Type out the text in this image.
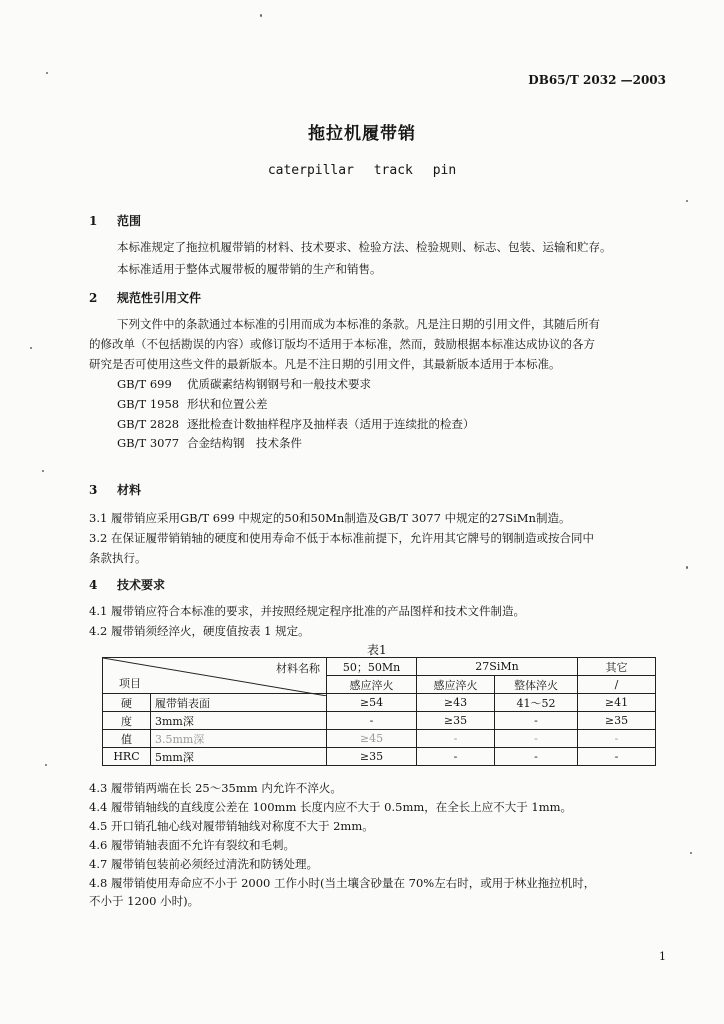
DB65/T 2032 —2003
拖拉机履带销
caterpillar track pin
1 范围
本标准规定了拖拉机履带销的材料、技术要求、检验方法、检验规则、标志、包装、运输和贮存。
本标准适用于整体式履带板的履带销的生产和销售。
2 规范性引用文件
下列文件中的条款通过本标准的引用而成为本标准的条款。凡是注日期的引用文件，其随后所有
的修改单（不包括勘误的内容）或修订版均不适用于本标准，然而，鼓励根据本标准达成协议的各方
研究是否可使用这些文件的最新版本。凡是不注日期的引用文件，其最新版本适用于本标准。
GB/T 699 优质碳素结构钢钢号和一般技术要求
GB/T 1958 形状和位置公差
GB/T 2828 逐批检查计数抽样程序及抽样表（适用于连续批的检查）
GB/T 3077 合金结构钢　技术条件
3 材料
3.1 履带销应采用GB/T 699 中规定的50和50Mn制造及GB/T 3077 中规定的27SiMn制造。
3.2 在保证履带销销轴的硬度和使用寿命不低于本标准前提下，允许用其它牌号的钢制造或按合同中
条款执行。
4 技术要求
4.1 履带销应符合本标准的要求，并按照经规定程序批准的产品图样和技术文件制造。
4.2 履带销须经淬火，硬度值按表 1 规定。
表1
材料名称
项目		50；50Mn	27SiMn		其它
		感应淬火	感应淬火	整体淬火	/
硬	履带销表面	≥54	≥43	41～52	≥41
度	3mm深	-	≥35	-	≥35
值	3.5mm深	≥45	-	-	-
HRC	5mm深	≥35	-	-	-
4.3 履带销两端在长 25～35mm 内允许不淬火。
4.4 履带销轴线的直线度公差在 100mm 长度内应不大于 0.5mm，在全长上应不大于 1mm。
4.5 开口销孔轴心线对履带销轴线对称度不大于 2mm。
4.6 履带销轴表面不允许有裂纹和毛刺。
4.7 履带销包装前必须经过清洗和防锈处理。
4.8 履带销使用寿命应不小于 2000 工作小时(当土壤含砂量在 70%左右时，或用于林业拖拉机时，
不小于 1200 小时)。
1
